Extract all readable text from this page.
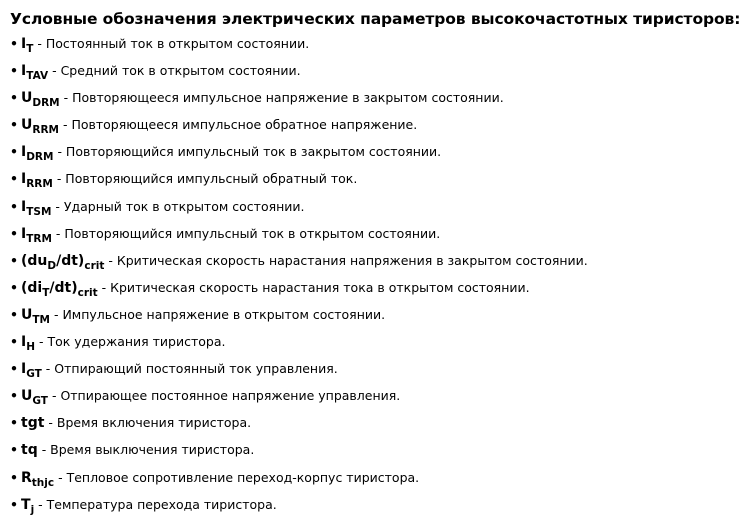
Условные обозначения электрических параметров высокочастотных тиристоров:
• $I_T$ - Постоянный ток в открытом состоянии.
• $I_{TAV}$ - Средний ток в открытом состоянии.
• $U_{DRM}$ - Повторяющееся импульсное напряжение в закрытом состоянии.
• $U_{RRM}$ - Повторяющееся импульсное обратное напряжение.
• $I_{DRM}$ - Повторяющийся импульсный ток в закрытом состоянии.
• $I_{RRM}$ - Повторяющийся импульсный обратный ток.
• $I_{TSM}$ - Ударный ток в открытом состоянии.
• $I_{TRM}$ - Повторяющийся импульсный ток в открытом состоянии.
• $(du_D/dt)_{crit}$ - Критическая скорость нарастания напряжения в закрытом состоянии.
• $(di_T/dt)_{crit}$ - Критическая скорость нарастания тока в открытом состоянии.
• $U_{TM}$ - Импульсное напряжение в открытом состоянии.
• $I_H$ - Ток удержания тиристора.
• $I_{GT}$ - Отпирающий постоянный ток управления.
• $U_{GT}$ - Отпирающее постоянное напряжение управления.
• tgt - Время включения тиристора.
• tq - Время выключения тиристора.
• $R_{thjc}$ - Тепловое сопротивление переход-корпус тиристора.
• $T_j$ - Температура перехода тиристора.
